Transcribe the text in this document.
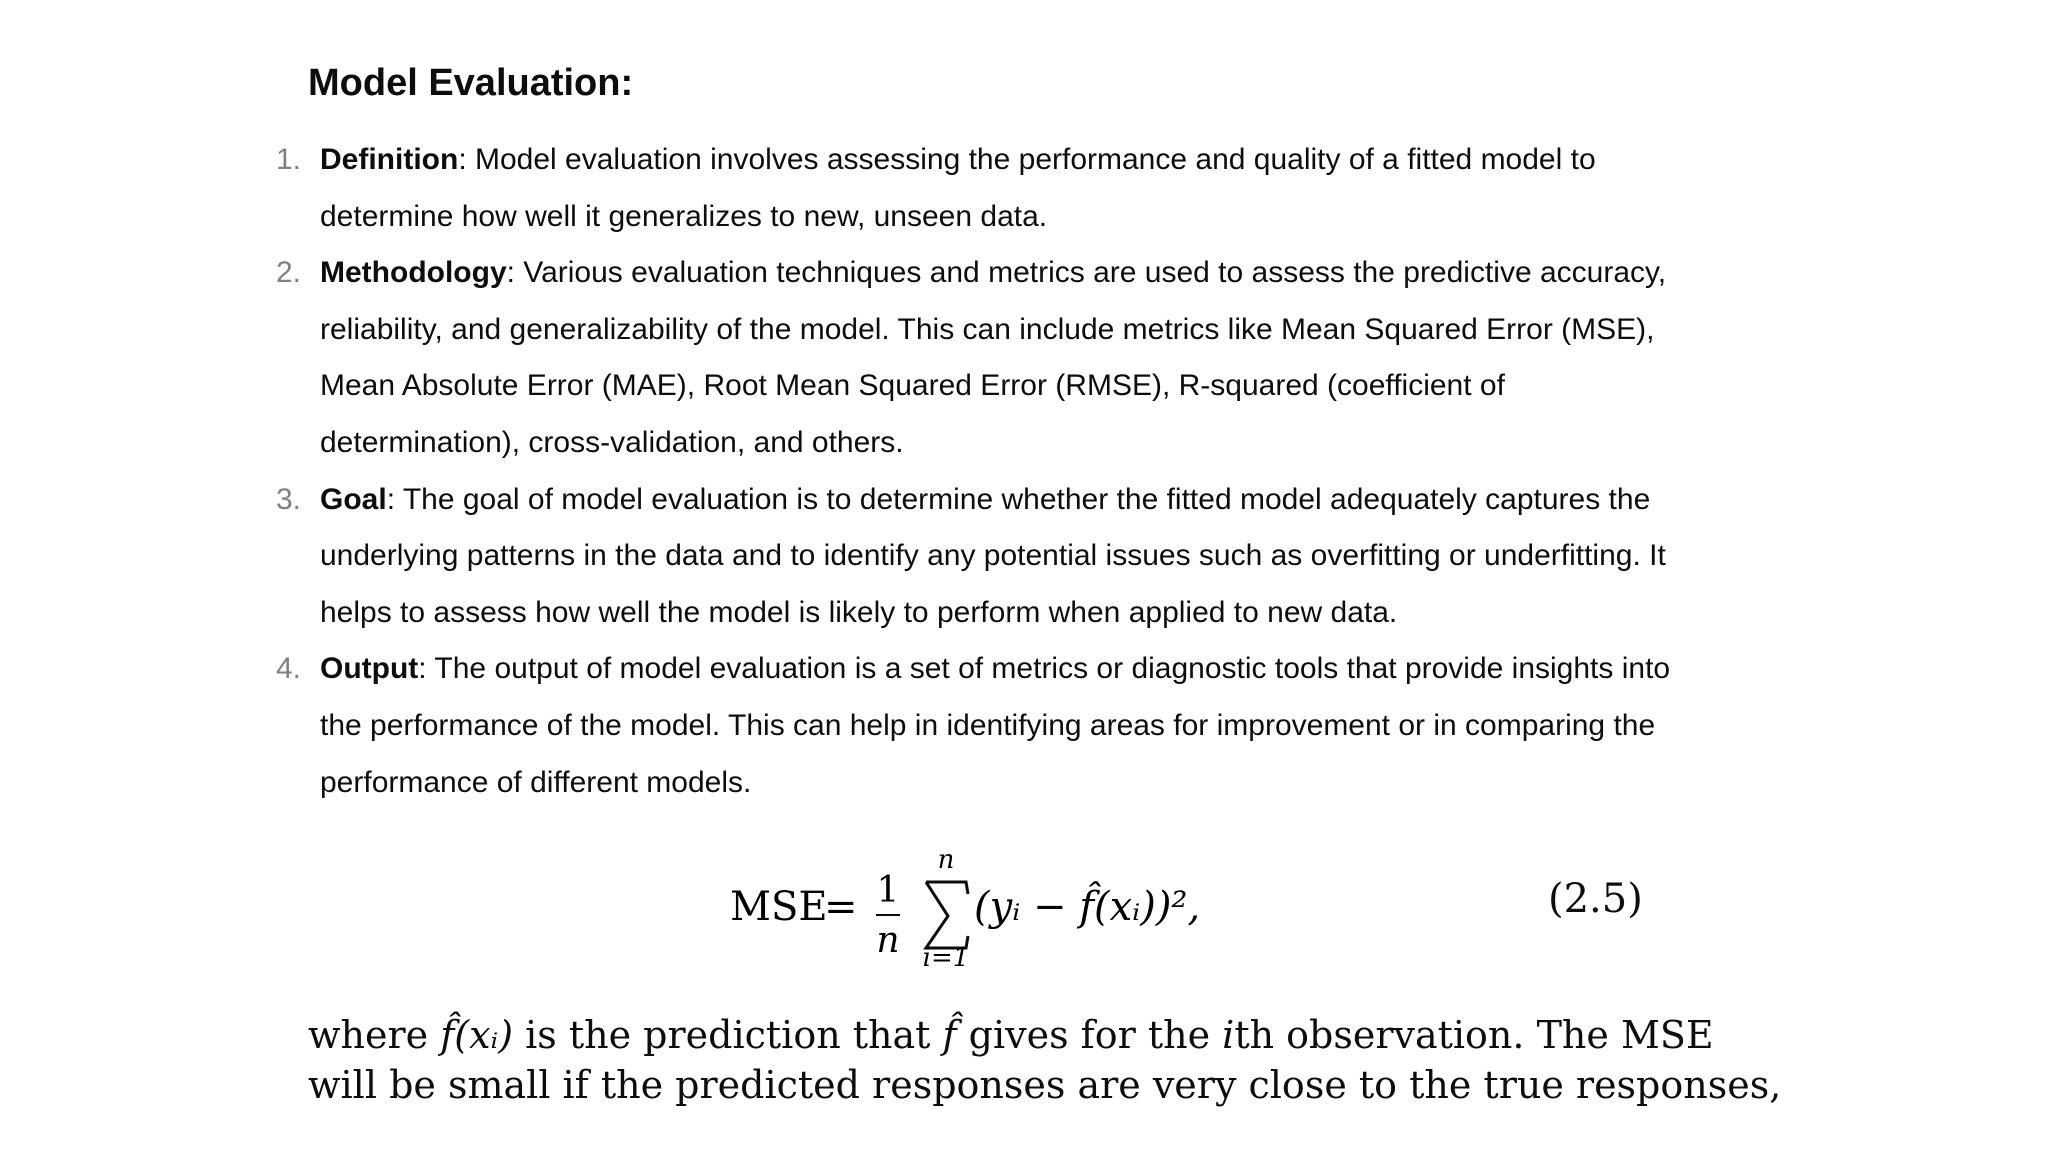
Model Evaluation:
1. Definition: Model evaluation involves assessing the performance and quality of a fitted model to determine how well it generalizes to new, unseen data.
2. Methodology: Various evaluation techniques and metrics are used to assess the predictive accuracy, reliability, and generalizability of the model. This can include metrics like Mean Squared Error (MSE), Mean Absolute Error (MAE), Root Mean Squared Error (RMSE), R-squared (coefficient of determination), cross-validation, and others.
3. Goal: The goal of model evaluation is to determine whether the fitted model adequately captures the underlying patterns in the data and to identify any potential issues such as overfitting or underfitting. It helps to assess how well the model is likely to perform when applied to new data.
4. Output: The output of model evaluation is a set of metrics or diagnostic tools that provide insights into the performance of the model. This can help in identifying areas for improvement or in comparing the performance of different models.
MSE
= 1
n
n
i=1
(yᵢ − f̂(xᵢ))²,	(2.5)

where f̂(xᵢ) is the prediction that f̂ gives for the ith observation. The MSE
will be small if the predicted responses are very close to the true responses,
